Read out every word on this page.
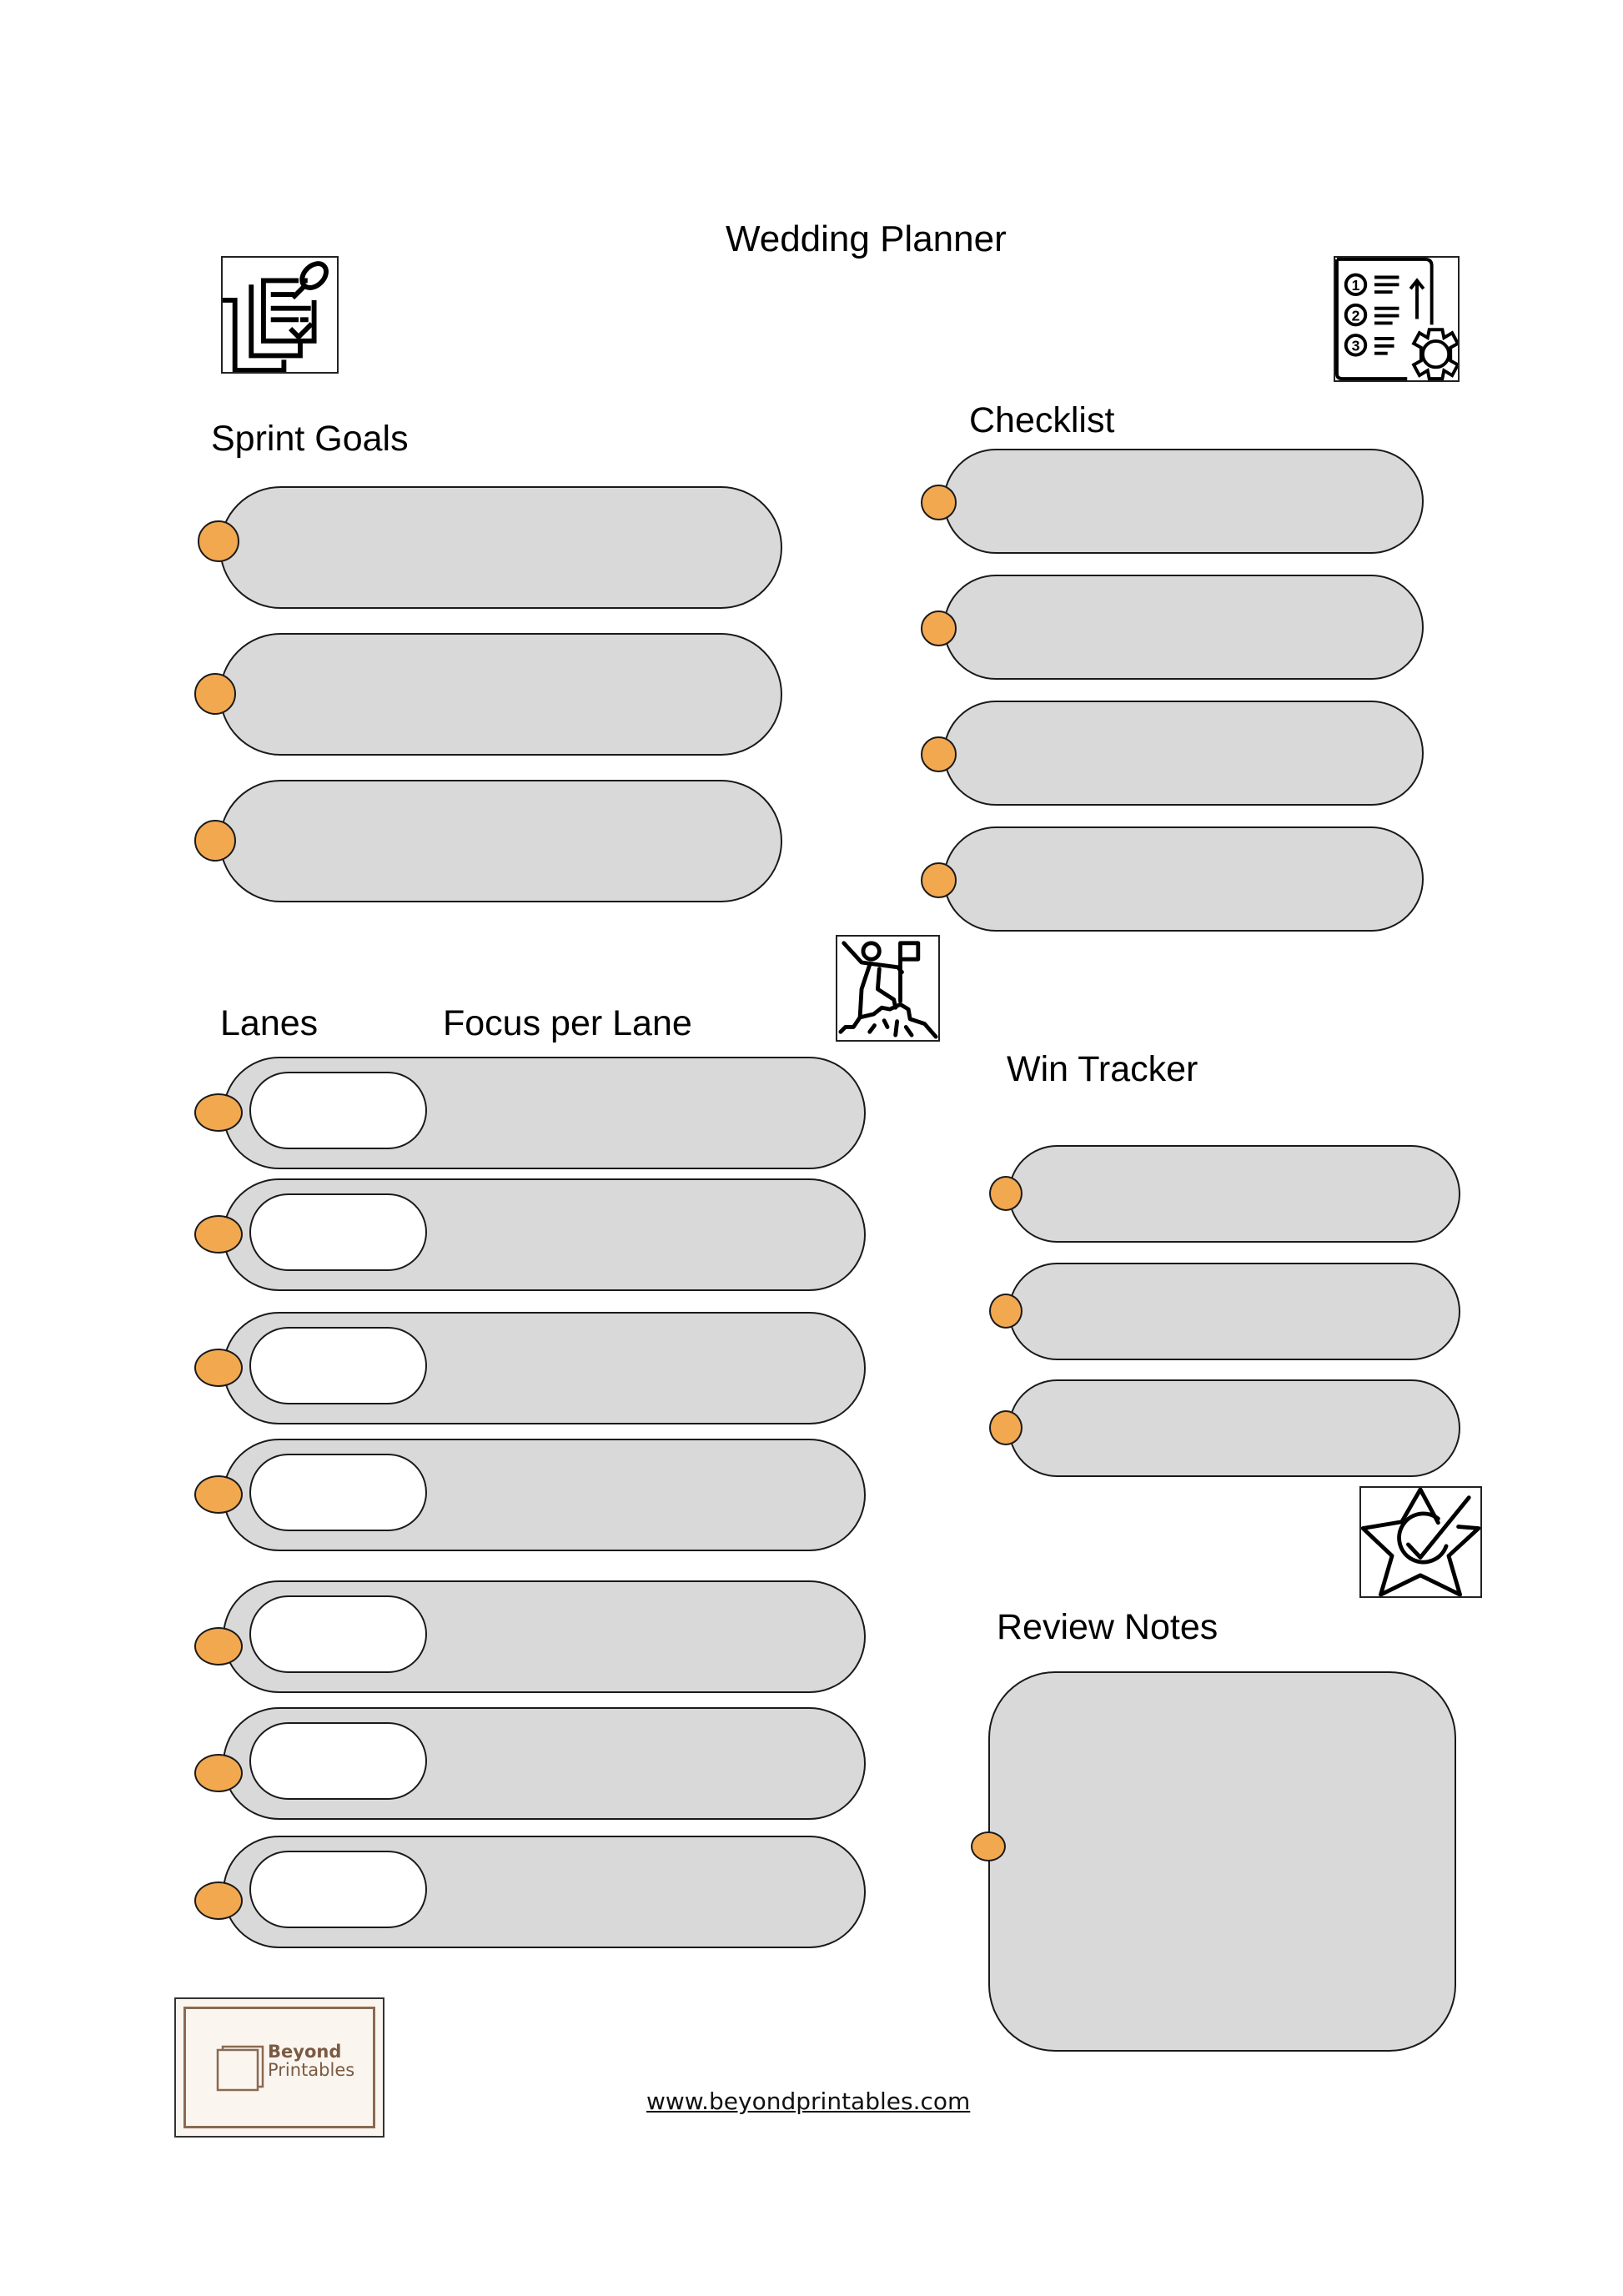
Wedding Planner
1
2
3
Sprint Goals	Checklist
Lanes	Focus per Lane
Win Tracker
Review Notes
Beyond
Printables
www.beyondprintables.com
